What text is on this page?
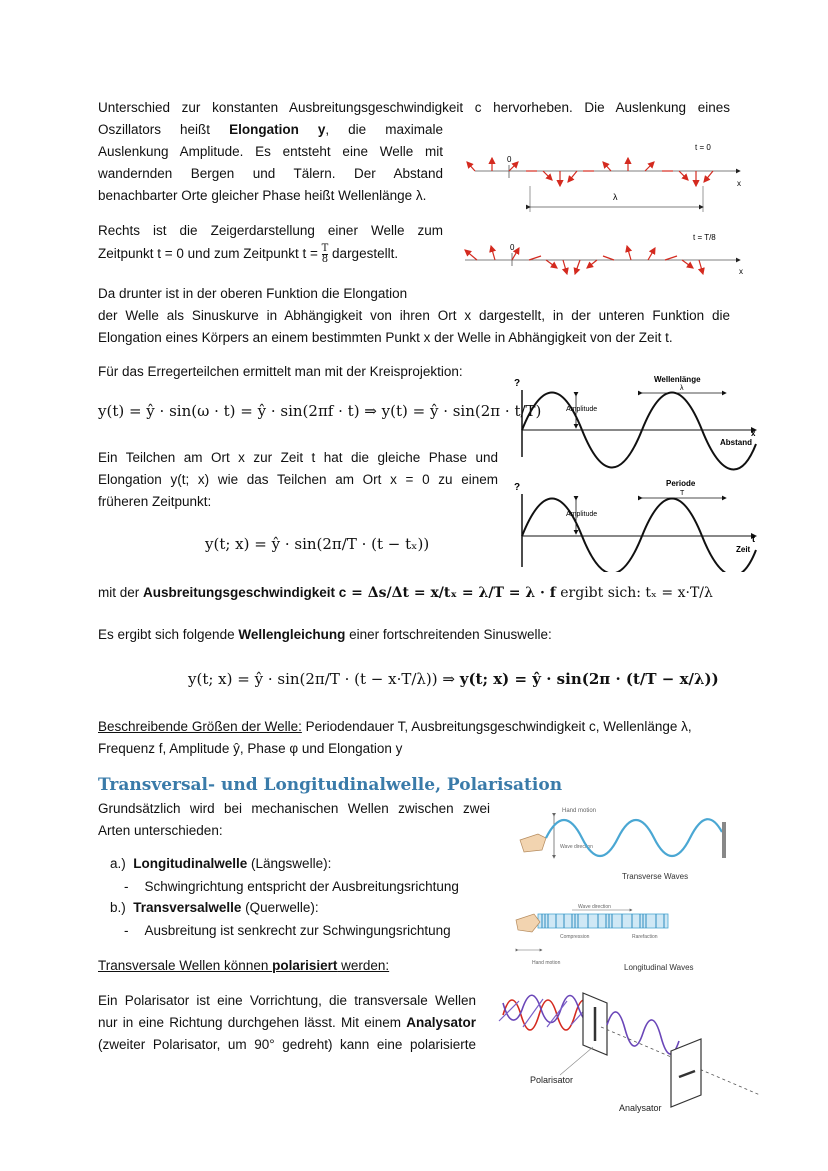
Unterschied zur konstanten Ausbreitungsgeschwindigkeit c hervorheben. Die Auslenkung eines
Oszillators heißt Elongation y, die maximale
Auslenkung Amplitude. Es entsteht eine Welle mit
wandernden Bergen und Tälern. Der Abstand
benachbarter Orte gleicher Phase heißt Wellenlänge λ.
Rechts ist die Zeigerdarstellung einer Welle zum
Zeitpunkt t = 0 und zum Zeitpunkt $t = \frac{T}{8}$ dargestellt.
Da drunter ist in der oberen Funktion die Elongation
der Welle als Sinuskurve in Abhängigkeit von ihren Ort x dargestellt, in der unteren Funktion die
Elongation eines Körpers an einem bestimmten Punkt x der Welle in Abhängigkeit von der Zeit t.
t = 0
x
0
λ
t = T/8
x
0
Für das Erregerteilchen ermittelt man mit der Kreisprojektion:
y(t) = ŷ · sin(ω · t) = ŷ · sin(2πf · t) ⇒ y(t) = ŷ · sin(2π · t/T)
Ein Teilchen am Ort x zur Zeit t hat die gleiche Phase und
Elongation y(t; x) wie das Teilchen am Ort x = 0 zu einem
früheren Zeitpunkt:
y(t; x) = ŷ · sin(2π/T · (t − tₓ))
?	Wellenlänge
λ
Amplitude
x
Abstand
?	Periode
T
Amplitude
t
Zeit
mit der Ausbreitungsgeschwindigkeit c = Δs/Δt = x/tₓ = λ/T = λ · f ergibt sich: tₓ = x·T/λ
Es ergibt sich folgende Wellengleichung einer fortschreitenden Sinuswelle:
y(t; x) = ŷ · sin(2π/T · (t − x·T/λ)) ⇒ y(t; x) = ŷ · sin(2π · (t/T − x/λ))
Beschreibende Größen der Welle: Periodendauer T, Ausbreitungsgeschwindigkeit c, Wellenlänge λ,
Frequenz f, Amplitude ŷ, Phase φ und Elongation y
Transversal- und Longitudinalwelle, Polarisation
Grundsätzlich wird bei mechanischen Wellen zwischen zwei
Arten unterschieden:
a.) Longitudinalwelle (Längswelle):
- Schwingrichtung entspricht der Ausbreitungsrichtung
b.) Transversalwelle (Querwelle):
- Ausbreitung ist senkrecht zur Schwingungsrichtung
Transversale Wellen können polarisiert werden:
Ein Polarisator ist eine Vorrichtung, die transversale Wellen
nur in eine Richtung durchgehen lässt. Mit einem Analysator
(zweiter Polarisator, um 90° gedreht) kann eine polarisierte
Hand motion
Wave direction
Transverse Waves
Wave direction
Compression	Rarefaction
Hand motion	Longitudinal Waves
Polarisator
Analysator
